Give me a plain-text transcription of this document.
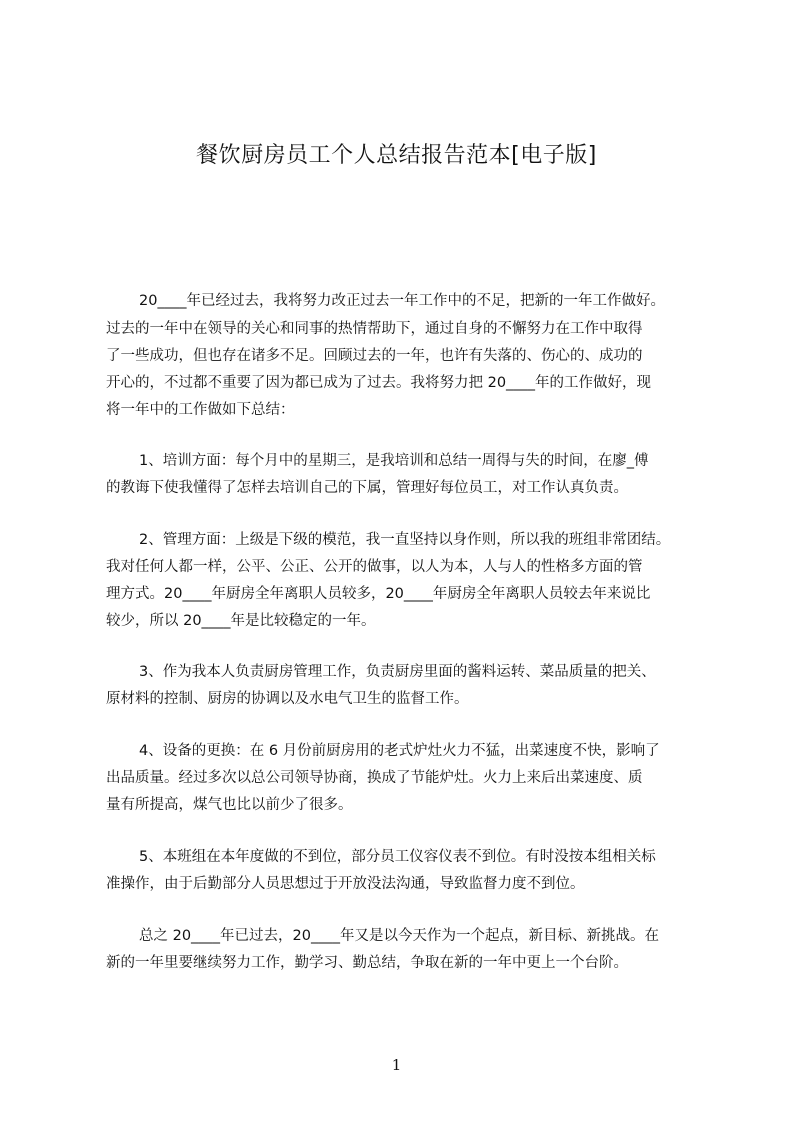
餐饮厨房员工个人总结报告范本[电子版]

20____年已经过去，我将努力改正过去一年工作中的不足，把新的一年工作做好。

过去的一年中在领导的关心和同事的热情帮助下，通过自身的不懈努力在工作中取得

了一些成功，但也存在诸多不足。回顾过去的一年，也许有失落的、伤心的、成功的

开心的，不过都不重要了因为都已成为了过去。我将努力把 20____年的工作做好，现

将一年中的工作做如下总结：

1、培训方面：每个月中的星期三，是我培训和总结一周得与失的时间，在廖_傅

的教诲下使我懂得了怎样去培训自己的下属，管理好每位员工，对工作认真负责。

2、管理方面：上级是下级的模范，我一直坚持以身作则，所以我的班组非常团结。

我对任何人都一样，公平、公正、公开的做事，以人为本，人与人的性格多方面的管

理方式。20____年厨房全年离职人员较多，20____年厨房全年离职人员较去年来说比

较少，所以 20____年是比较稳定的一年。

3、作为我本人负责厨房管理工作，负责厨房里面的酱料运转、菜品质量的把关、

原材料的控制、厨房的协调以及水电气卫生的监督工作。

4、设备的更换：在 6 月份前厨房用的老式炉灶火力不猛，出菜速度不快，影响了

出品质量。经过多次以总公司领导协商，换成了节能炉灶。火力上来后出菜速度、质

量有所提高，煤气也比以前少了很多。

5、本班组在本年度做的不到位，部分员工仪容仪表不到位。有时没按本组相关标

准操作，由于后勤部分人员思想过于开放没法沟通，导致监督力度不到位。

总之 20____年已过去，20____年又是以今天作为一个起点，新目标、新挑战。在

新的一年里要继续努力工作，勤学习、勤总结，争取在新的一年中更上一个台阶。

1
